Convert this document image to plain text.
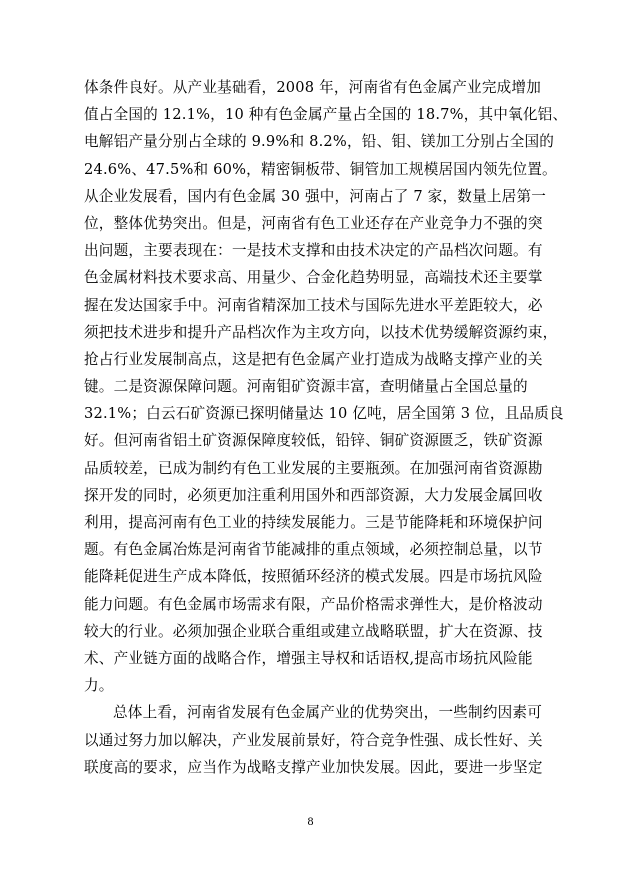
体条件良好。从产业基础看，2008 年，河南省有色金属产业完成增加
值占全国的 12.1%，10 种有色金属产量占全国的 18.7%，其中氧化铝、
电解铝产量分别占全球的 9.9%和 8.2%，铅、钼、镁加工分别占全国的
24.6%、47.5%和 60%，精密铜板带、铜管加工规模居国内领先位置。
从企业发展看，国内有色金属 30 强中，河南占了 7 家，数量上居第一
位，整体优势突出。但是，河南省有色工业还存在产业竞争力不强的突
出问题，主要表现在：一是技术支撑和由技术决定的产品档次问题。有
色金属材料技术要求高、用量少、合金化趋势明显，高端技术还主要掌
握在发达国家手中。河南省精深加工技术与国际先进水平差距较大，必
须把技术进步和提升产品档次作为主攻方向，以技术优势缓解资源约束，
抢占行业发展制高点，这是把有色金属产业打造成为战略支撑产业的关
键。二是资源保障问题。河南钼矿资源丰富，查明储量占全国总量的
32.1%；白云石矿资源已探明储量达 10 亿吨，居全国第 3 位，且品质良
好。但河南省铝土矿资源保障度较低，铅锌、铜矿资源匮乏，铁矿资源
品质较差，已成为制约有色工业发展的主要瓶颈。在加强河南省资源勘
探开发的同时，必须更加注重利用国外和西部资源，大力发展金属回收
利用，提高河南有色工业的持续发展能力。三是节能降耗和环境保护问
题。有色金属冶炼是河南省节能减排的重点领域，必须控制总量，以节
能降耗促进生产成本降低，按照循环经济的模式发展。四是市场抗风险
能力问题。有色金属市场需求有限，产品价格需求弹性大，是价格波动
较大的行业。必须加强企业联合重组或建立战略联盟，扩大在资源、技
术、产业链方面的战略合作，增强主导权和话语权,提高市场抗风险能
力。
总体上看，河南省发展有色金属产业的优势突出，一些制约因素可
以通过努力加以解决，产业发展前景好，符合竞争性强、成长性好、关
联度高的要求，应当作为战略支撑产业加快发展。因此，要进一步坚定
8
